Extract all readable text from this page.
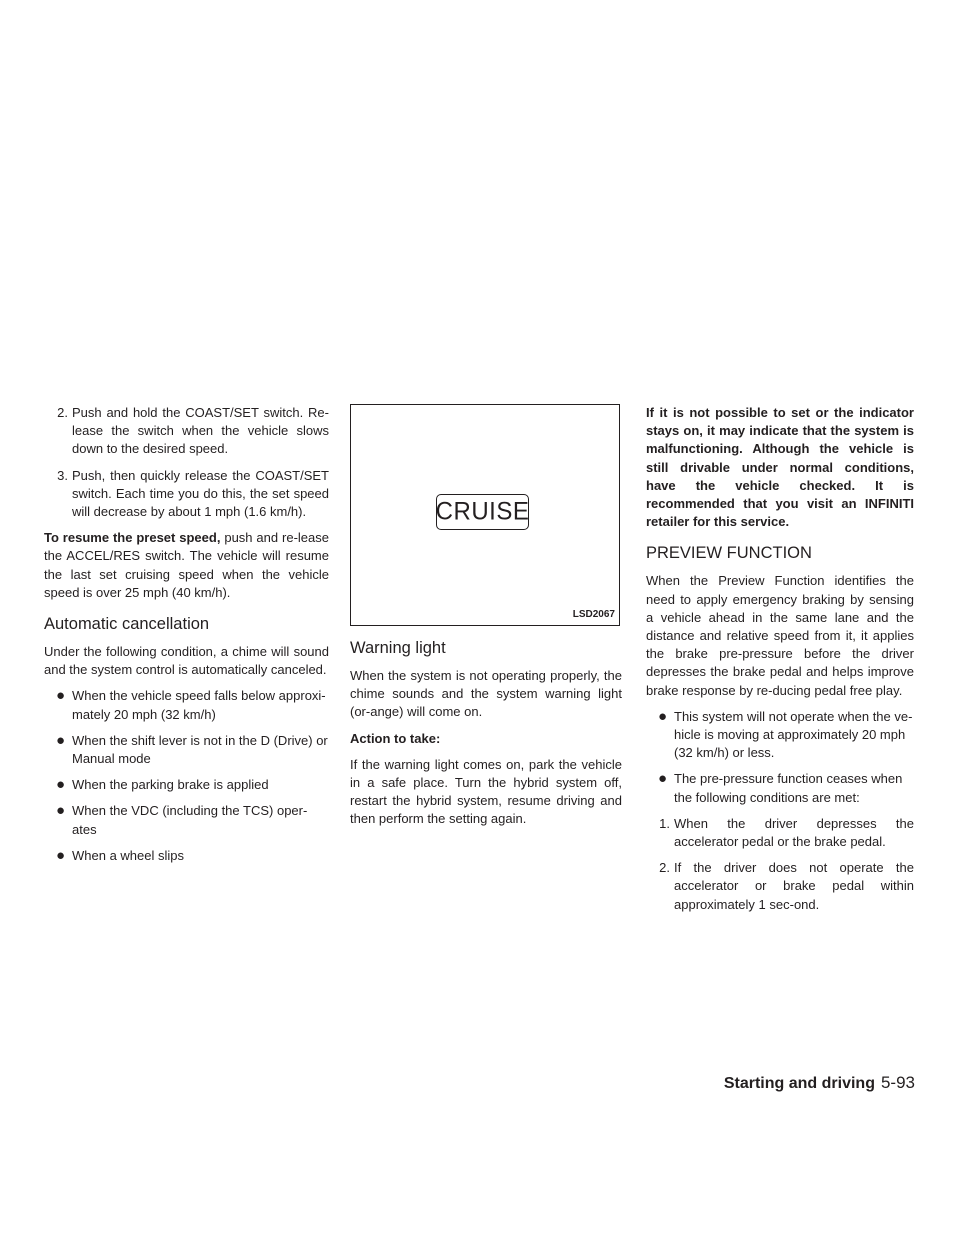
2. Push and hold the COAST/SET switch. Re-lease the switch when the vehicle slows down to the desired speed.
3. Push, then quickly release the COAST/SET switch. Each time you do this, the set speed will decrease by about 1 mph (1.6 km/h).

To resume the preset speed, push and re-lease the ACCEL/RES switch. The vehicle will resume the last set cruising speed when the vehicle speed is over 25 mph (40 km/h).

Automatic cancellation

Under the following condition, a chime will sound and the system control is automatically canceled.

● When the vehicle speed falls below approxi-mately 20 mph (32 km/h)
● When the shift lever is not in the D (Drive) or Manual mode
● When the parking brake is applied
● When the VDC (including the TCS) oper-ates
● When a wheel slips
CRUISE
LSD2067
Warning light

When the system is not operating properly, the chime sounds and the system warning light (or-ange) will come on.

Action to take:

If the warning light comes on, park the vehicle in a safe place. Turn the hybrid system off, restart the hybrid system, resume driving and then perform the setting again.

If it is not possible to set or the indicator stays on, it may indicate that the system is malfunctioning. Although the vehicle is still drivable under normal conditions, have the vehicle checked. It is recommended that you visit an INFINITI retailer for this service.

PREVIEW FUNCTION

When the Preview Function identifies the need to apply emergency braking by sensing a vehicle ahead in the same lane and the distance and relative speed from it, it applies the brake pre-pressure before the driver depresses the brake pedal and helps improve brake response by re-ducing pedal free play.

● This system will not operate when the ve-hicle is moving at approximately 20 mph (32 km/h) or less.
● The pre-pressure function ceases when the following conditions are met:
1. When the driver depresses the accelerator pedal or the brake pedal.
2. If the driver does not operate the accelerator or brake pedal within approximately 1 sec-ond.
Starting and driving 5-93
